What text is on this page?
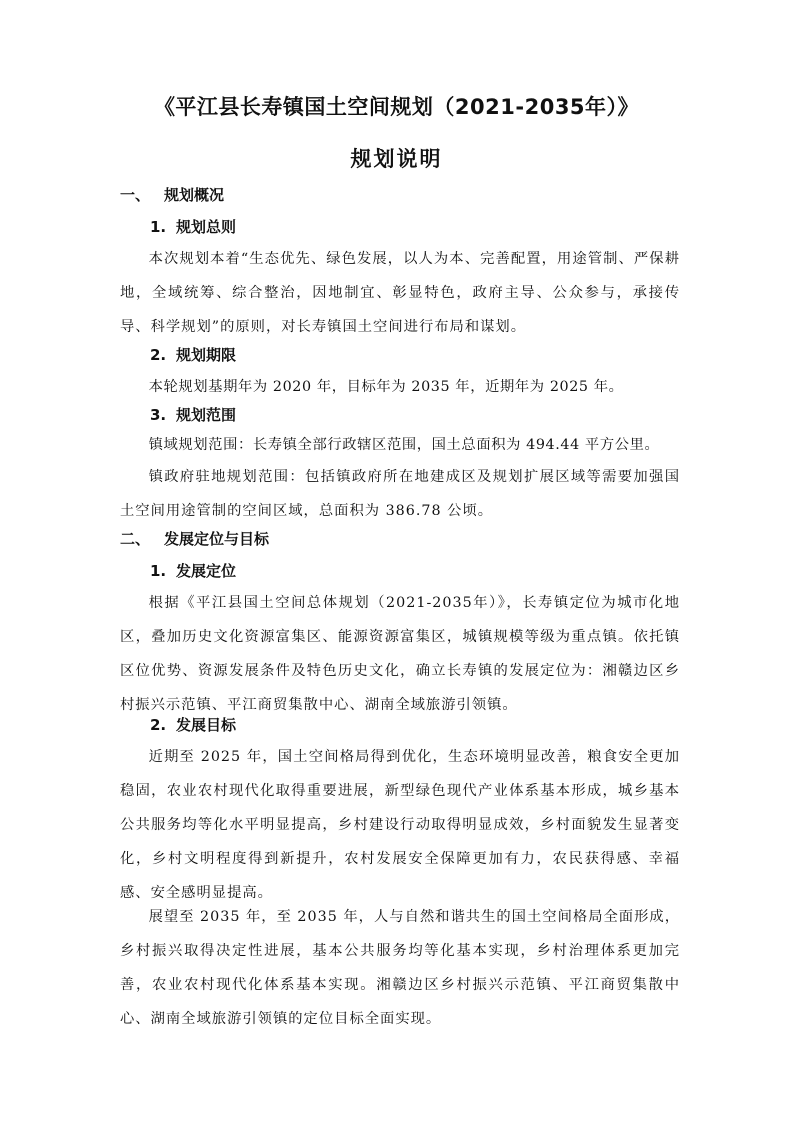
《平江县长寿镇国土空间规划（2021-2035年）》
规划说明
一、 规划概况
1. 规划总则

本次规划本着“生态优先、绿色发展，以人为本、完善配置，用途管制、严保耕地，全域统筹、综合整治，因地制宜、彰显特色，政府主导、公众参与，承接传导、科学规划”的原则，对长寿镇国土空间进行布局和谋划。

2. 规划期限

本轮规划基期年为 2020 年，目标年为 2035 年，近期年为 2025 年。

3. 规划范围

镇域规划范围：长寿镇全部行政辖区范围，国土总面积为 494.44 平方公里。

镇政府驻地规划范围：包括镇政府所在地建成区及规划扩展区域等需要加强国土空间用途管制的空间区域，总面积为 386.78 公顷。

二、 发展定位与目标
1. 发展定位

根据《平江县国土空间总体规划（2021-2035年）》，长寿镇定位为城市化地区，叠加历史文化资源富集区、能源资源富集区，城镇规模等级为重点镇。依托镇区位优势、资源发展条件及特色历史文化，确立长寿镇的发展定位为：湘赣边区乡村振兴示范镇、平江商贸集散中心、湖南全域旅游引领镇。

2. 发展目标

近期至 2025 年，国土空间格局得到优化，生态环境明显改善，粮食安全更加稳固，农业农村现代化取得重要进展，新型绿色现代产业体系基本形成，城乡基本公共服务均等化水平明显提高，乡村建设行动取得明显成效，乡村面貌发生显著变化，乡村文明程度得到新提升，农村发展安全保障更加有力，农民获得感、幸福感、安全感明显提高。

展望至 2035 年，至 2035 年，人与自然和谐共生的国土空间格局全面形成，乡村振兴取得决定性进展，基本公共服务均等化基本实现，乡村治理体系更加完善，农业农村现代化体系基本实现。湘赣边区乡村振兴示范镇、平江商贸集散中心、湖南全域旅游引领镇的定位目标全面实现。
